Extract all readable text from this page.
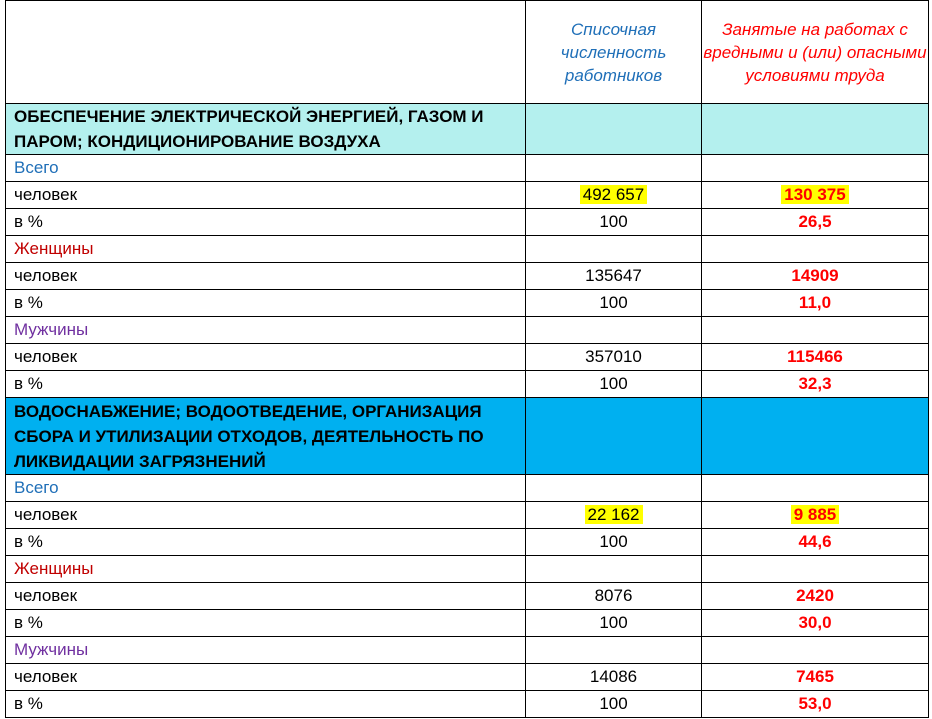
	Списочная численность работников	Занятые на работах с вредными и (или) опасными условиями труда

ОБЕСПЕЧЕНИЕ ЭЛЕКТРИЧЕСКОЙ ЭНЕРГИЕЙ, ГАЗОМ И ПАРОМ; КОНДИЦИОНИРОВАНИЕ ВОЗДУХА		
Всего		
человек	492 657	130 375
в %	100	26,5
Женщины		
человек	135647	14909
в %	100	11,0
Мужчины		
человек	357010	115466
в %	100	32,3
ВОДОСНАБЖЕНИЕ; ВОДООТВЕДЕНИЕ, ОРГАНИЗАЦИЯ СБОРА И УТИЛИЗАЦИИ ОТХОДОВ, ДЕЯТЕЛЬНОСТЬ ПО ЛИКВИДАЦИИ ЗАГРЯЗНЕНИЙ		
Всего		
человек	22 162	9 885
в %	100	44,6
Женщины		
человек	8076	2420
в %	100	30,0
Мужчины		
человек	14086	7465
в %	100	53,0
